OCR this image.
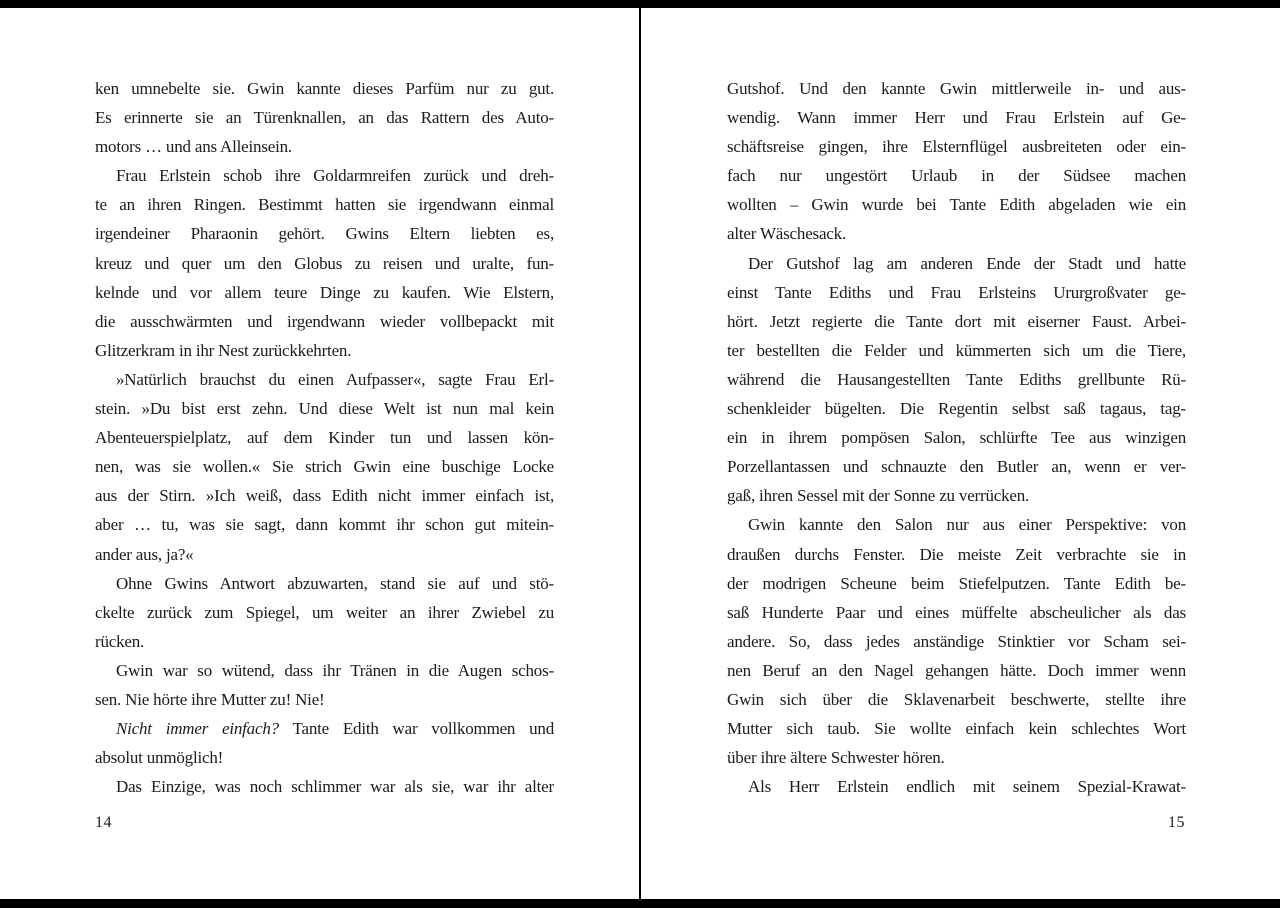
ken umnebelte sie. Gwin kannte dieses Parfüm nur zu gut.
Es erinnerte sie an Türenknallen, an das Rattern des Auto-
motors … und ans Alleinsein.
Frau Erlstein schob ihre Goldarmreifen zurück und dreh-
te an ihren Ringen. Bestimmt hatten sie irgendwann einmal
irgendeiner Pharaonin gehört. Gwins Eltern liebten es,
kreuz und quer um den Globus zu reisen und uralte, fun-
kelnde und vor allem teure Dinge zu kaufen. Wie Elstern,
die ausschwärmten und irgendwann wieder vollbepackt mit
Glitzerkram in ihr Nest zurückkehrten.
»Natürlich brauchst du einen Aufpasser«, sagte Frau Erl-
stein. »Du bist erst zehn. Und diese Welt ist nun mal kein
Abenteuerspielplatz, auf dem Kinder tun und lassen kön-
nen, was sie wollen.« Sie strich Gwin eine buschige Locke
aus der Stirn. »Ich weiß, dass Edith nicht immer einfach ist,
aber … tu, was sie sagt, dann kommt ihr schon gut mitein-
ander aus, ja?«
Ohne Gwins Antwort abzuwarten, stand sie auf und stö-
ckelte zurück zum Spiegel, um weiter an ihrer Zwiebel zu
rücken.
Gwin war so wütend, dass ihr Tränen in die Augen schos-
sen. Nie hörte ihre Mutter zu! Nie!
Nicht immer einfach? Tante Edith war vollkommen und
absolut unmöglich!
Das Einzige, was noch schlimmer war als sie, war ihr alter
14
Gutshof. Und den kannte Gwin mittlerweile in- und aus-
wendig. Wann immer Herr und Frau Erlstein auf Ge-
schäftsreise gingen, ihre Elsternflügel ausbreiteten oder ein-
fach nur ungestört Urlaub in der Südsee machen
wollten – Gwin wurde bei Tante Edith abgeladen wie ein
alter Wäschesack.
Der Gutshof lag am anderen Ende der Stadt und hatte
einst Tante Ediths und Frau Erlsteins Ururgroßvater ge-
hört. Jetzt regierte die Tante dort mit eiserner Faust. Arbei-
ter bestellten die Felder und kümmerten sich um die Tiere,
während die Hausangestellten Tante Ediths grellbunte Rü-
schenkleider bügelten. Die Regentin selbst saß tagaus, tag-
ein in ihrem pompösen Salon, schlürfte Tee aus winzigen
Porzellantassen und schnauzte den Butler an, wenn er ver-
gaß, ihren Sessel mit der Sonne zu verrücken.
Gwin kannte den Salon nur aus einer Perspektive: von
draußen durchs Fenster. Die meiste Zeit verbrachte sie in
der modrigen Scheune beim Stiefelputzen. Tante Edith be-
saß Hunderte Paar und eines müffelte abscheulicher als das
andere. So, dass jedes anständige Stinktier vor Scham sei-
nen Beruf an den Nagel gehangen hätte. Doch immer wenn
Gwin sich über die Sklavenarbeit beschwerte, stellte ihre
Mutter sich taub. Sie wollte einfach kein schlechtes Wort
über ihre ältere Schwester hören.
Als Herr Erlstein endlich mit seinem Spezial-Krawat-
15
